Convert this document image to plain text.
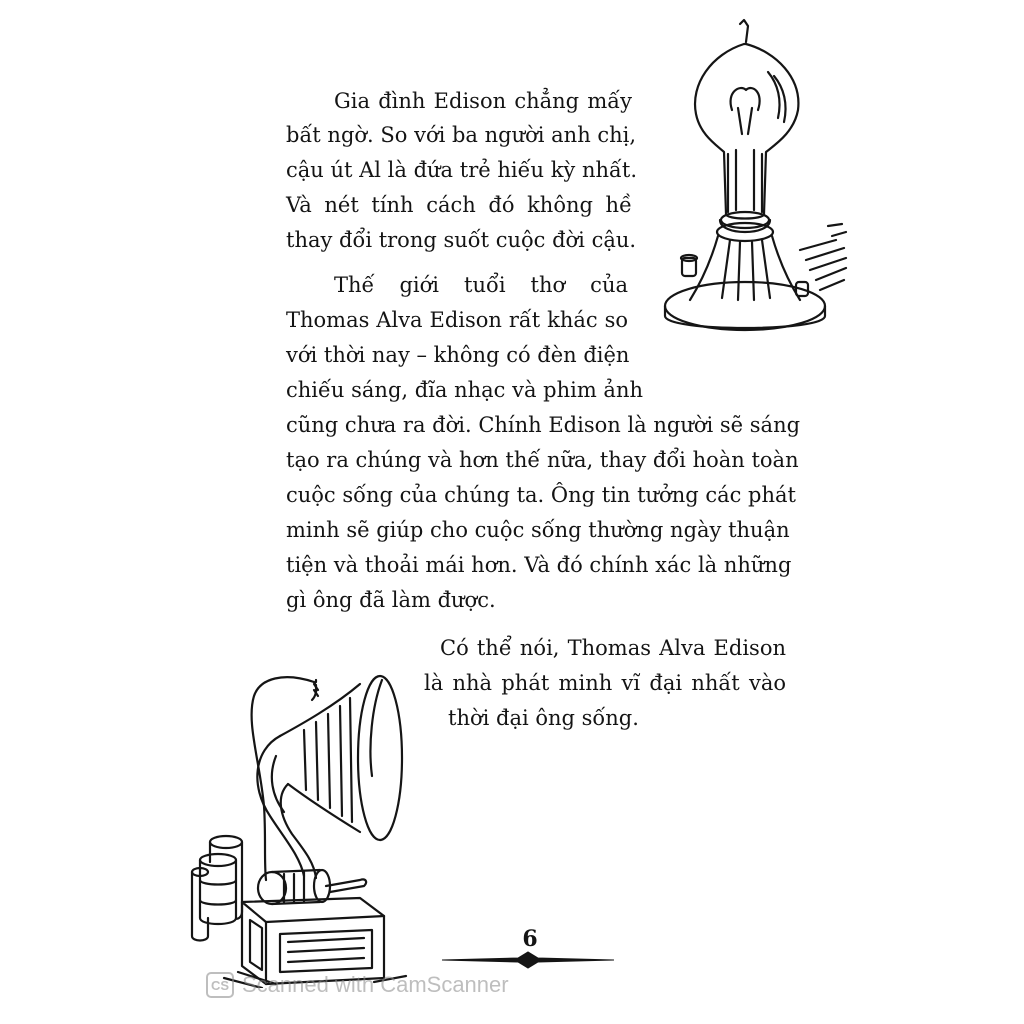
Gia đình Edison chẳng mấy
bất ngờ. So với ba người anh chị,
cậu út Al là đứa trẻ hiếu kỳ nhất.
Và nét tính cách đó không hề
thay đổi trong suốt cuộc đời cậu.
Thế giới tuổi thơ của
Thomas Alva Edison rất khác so
với thời nay – không có đèn điện
chiếu sáng, đĩa nhạc và phim ảnh
cũng chưa ra đời. Chính Edison là người sẽ sáng
tạo ra chúng và hơn thế nữa, thay đổi hoàn toàn
cuộc sống của chúng ta. Ông tin tưởng các phát
minh sẽ giúp cho cuộc sống thường ngày thuận
tiện và thoải mái hơn. Và đó chính xác là những
gì ông đã làm được.
Có thể nói, Thomas Alva Edison
là nhà phát minh vĩ đại nhất vào
thời đại ông sống.
6
CS Scanned with CamScanner
